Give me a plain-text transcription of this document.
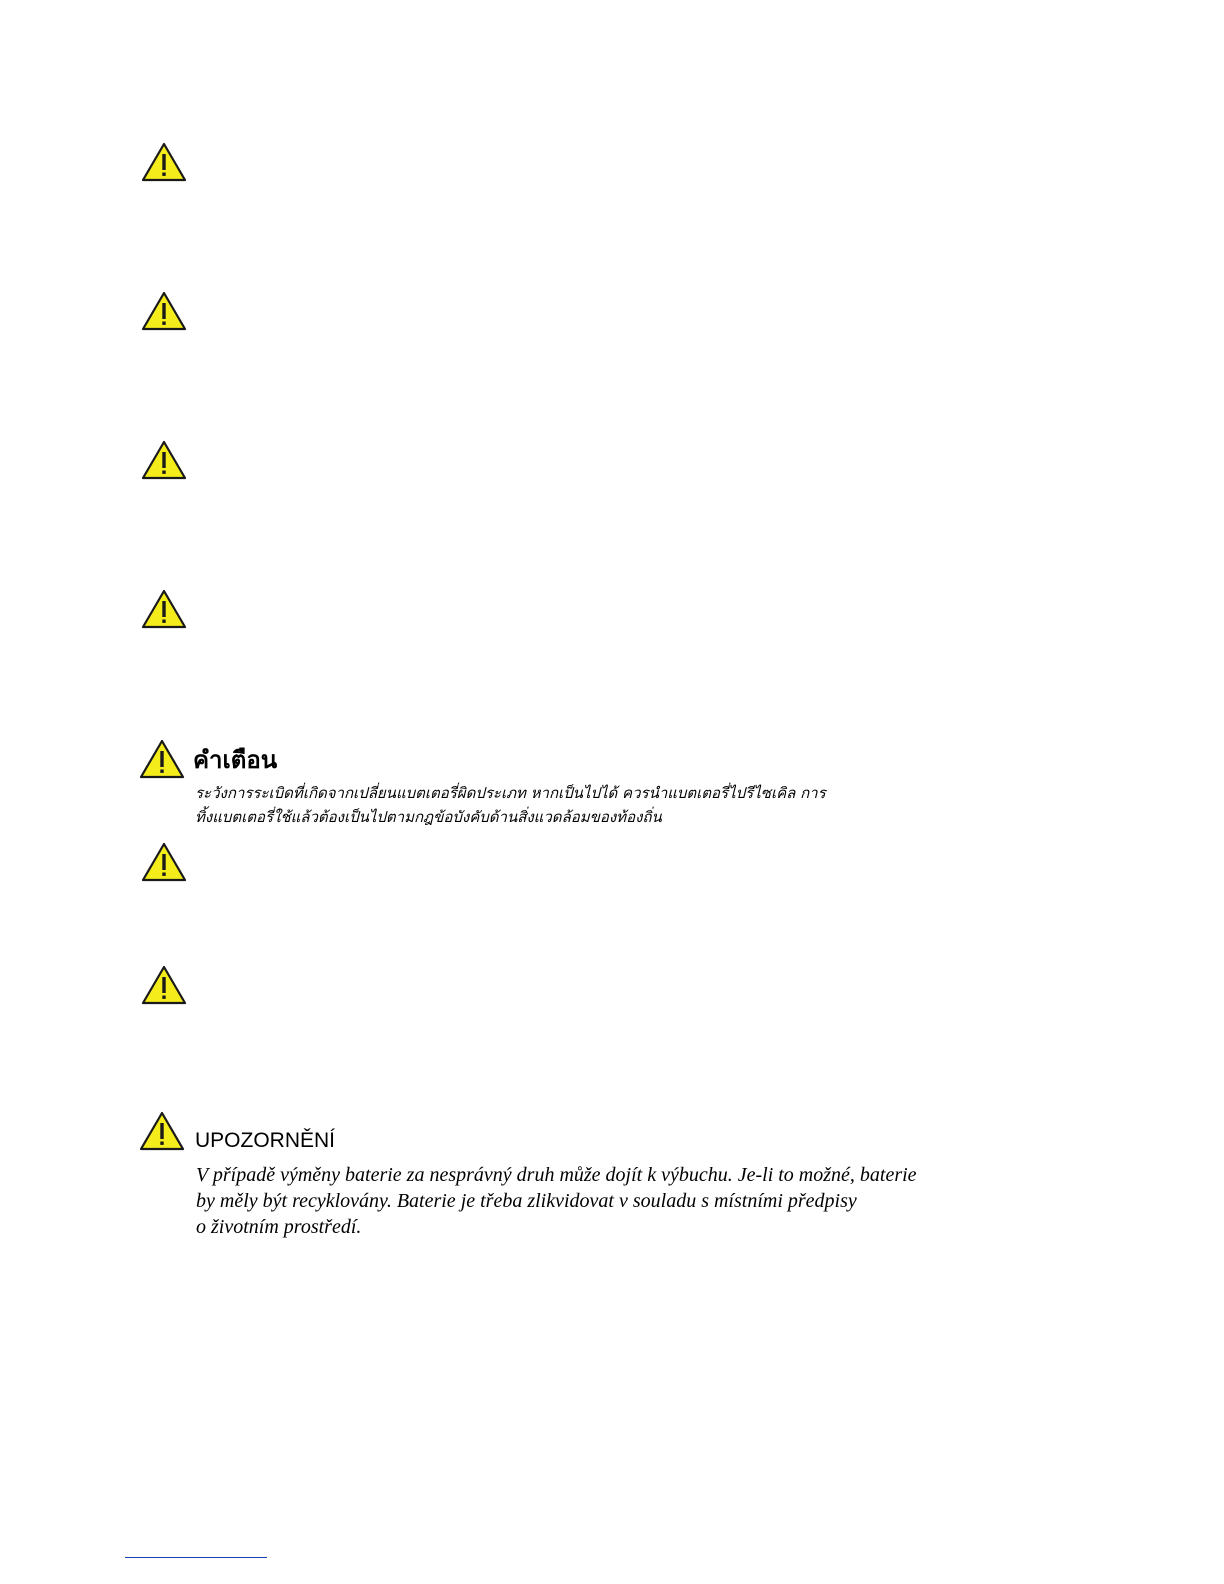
คำเตือน
ระวังการระเบิดที่เกิดจากเปลี่ยนแบตเตอรี่ผิดประเภท หากเป็นไปได้ ควรนำแบตเตอรี่ไปรีไซเคิล การ
ทิ้งแบตเตอรี่ใช้แล้วต้องเป็นไปตามกฎข้อบังคับด้านสิ่งแวดล้อมของท้องถิ่น
UPOZORNĚNÍ
V případě výměny baterie za nesprávný druh může dojít k výbuchu. Je-li to možné, baterie
by měly být recyklovány. Baterie je třeba zlikvidovat v souladu s místními předpisy
o životním prostředí.
